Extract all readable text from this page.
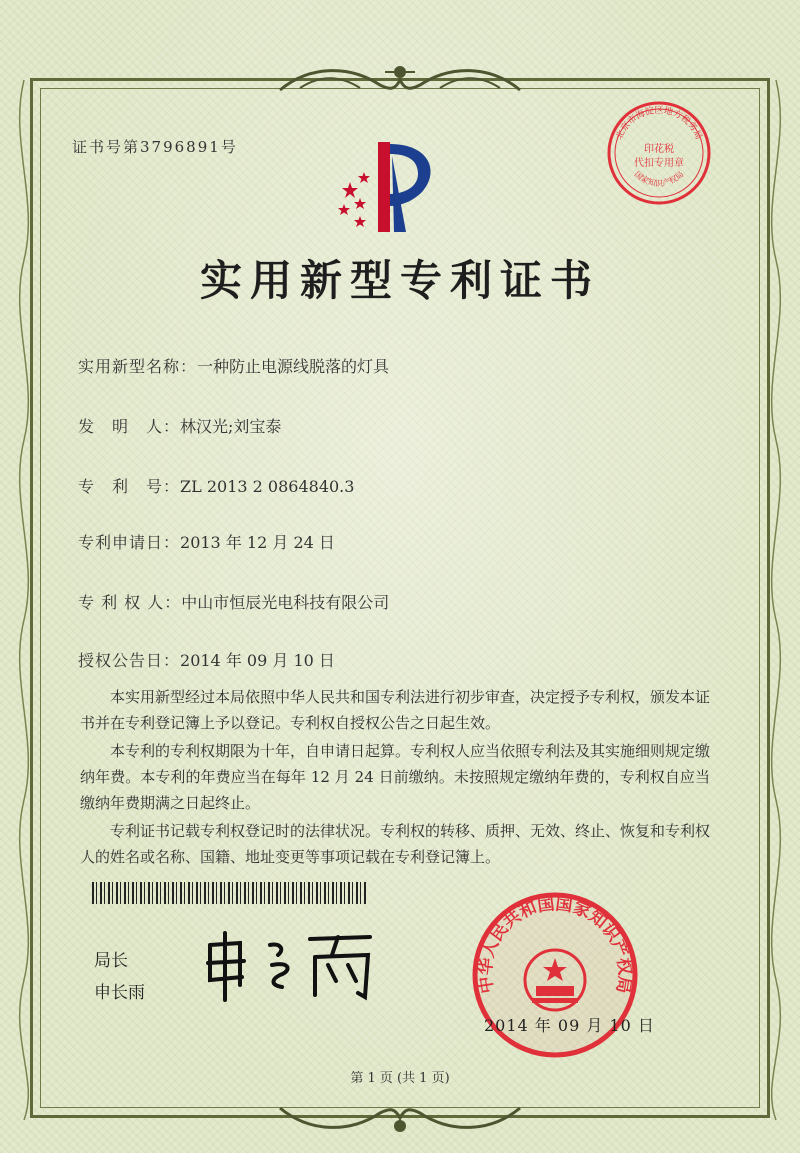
证书号第3796891号
北京市海淀区地方税务局
印花税
代扣专用章
国家知识产权局
实用新型专利证书
实用新型名称：一种防止电源线脱落的灯具
发　明　人：林汉光;刘宝泰
专　利　号：ZL 2013 2 0864840.3
专利申请日：2013 年 12 月 24 日
专 利 权 人：中山市恒辰光电科技有限公司
授权公告日：2014 年 09 月 10 日

本实用新型经过本局依照中华人民共和国专利法进行初步审查，决定授予专利权，颁发本证书并在专利登记簿上予以登记。专利权自授权公告之日起生效。

本专利的专利权期限为十年，自申请日起算。专利权人应当依照专利法及其实施细则规定缴纳年费。本专利的年费应当在每年 12 月 24 日前缴纳。未按照规定缴纳年费的，专利权自应当缴纳年费期满之日起终止。

专利证书记载专利权登记时的法律状况。专利权的转移、质押、无效、终止、恢复和专利权人的姓名或名称、国籍、地址变更等事项记载在专利登记簿上。

局长
申长雨	中华人民共和国国家知识产权局
2014 年 09 月 10 日
第 1 页 (共 1 页)
